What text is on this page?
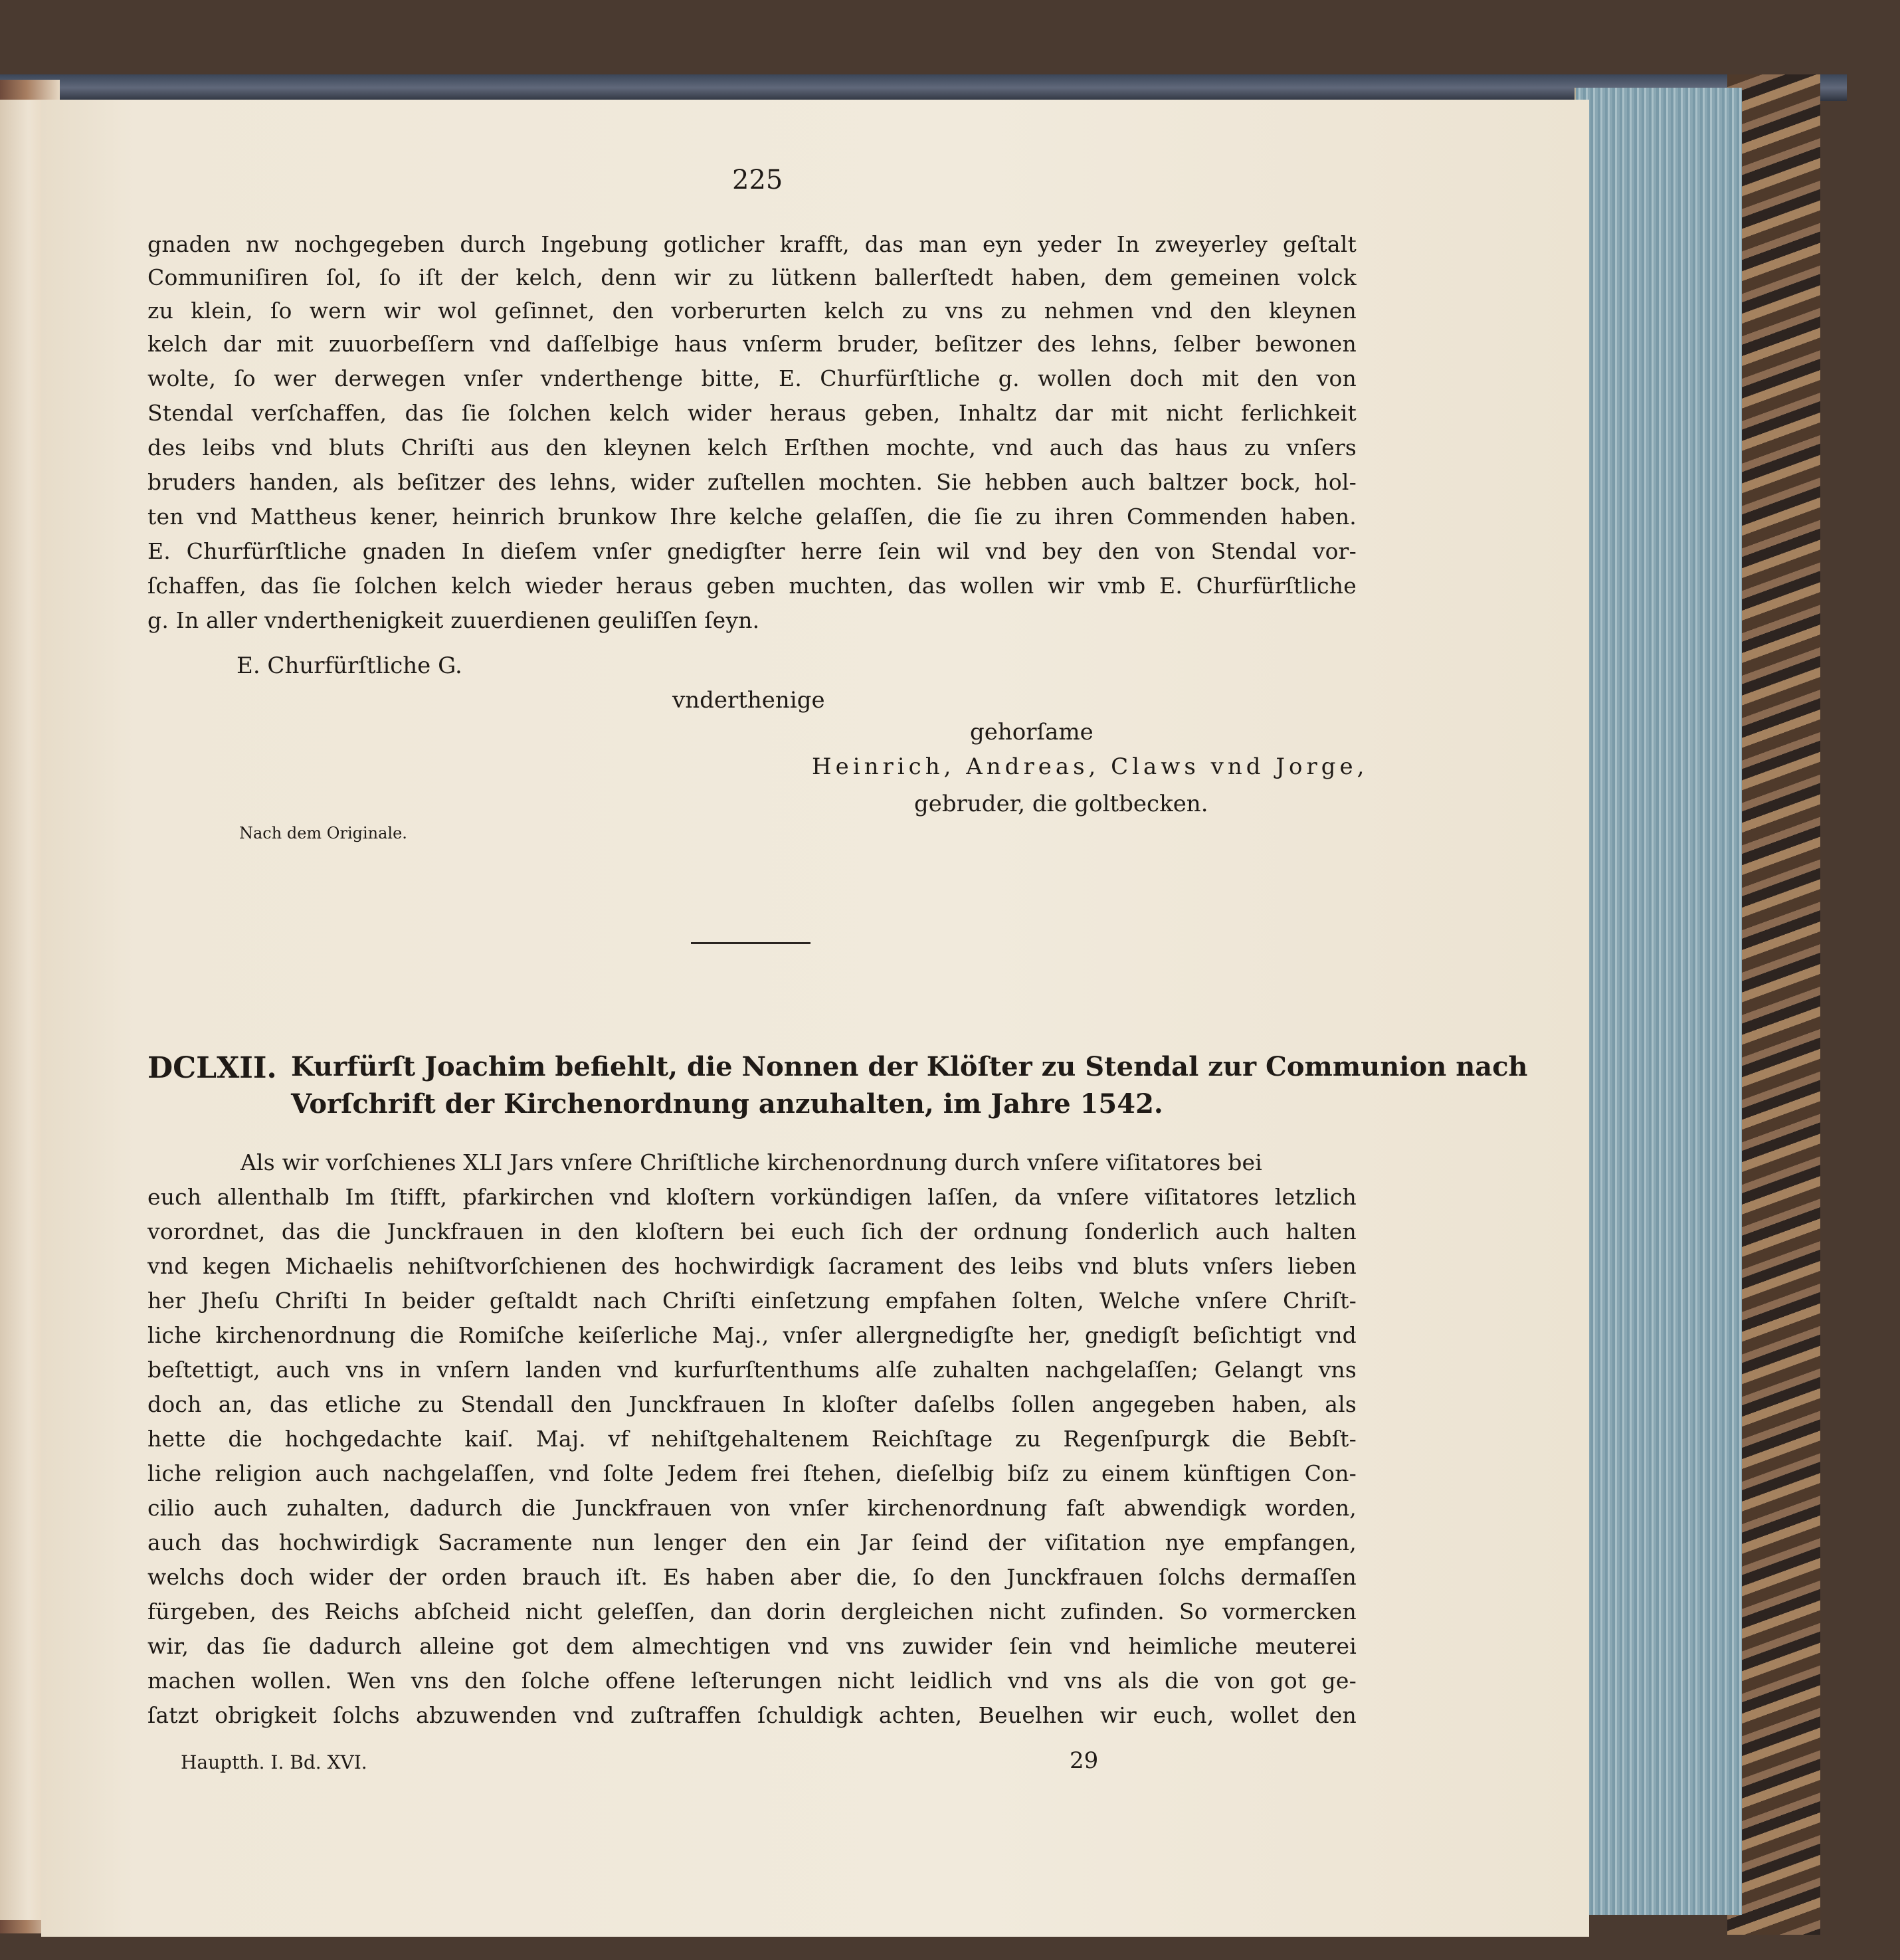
225
gnaden nw nochgegeben durch Ingebung gotlicher krafft, das man eyn yeder In zweyerley geſtalt
Communiſiren ſol, ſo iſt der kelch, denn wir zu lütkenn ballerſtedt haben, dem gemeinen volck
zu klein, ſo wern wir wol geſinnet, den vorberurten kelch zu vns zu nehmen vnd den kleynen
kelch dar mit zuuorbeſſern vnd daſſelbige haus vnſerm bruder, beſitzer des lehns, ſelber bewonen
wolte, ſo wer derwegen vnſer vnderthenge bitte, E. Churfürſtliche g. wollen doch mit den von
Stendal verſchaffen, das ſie ſolchen kelch wider heraus geben, Inhaltz dar mit nicht ferlichkeit
des leibs vnd bluts Chriſti aus den kleynen kelch Erſthen mochte, vnd auch das haus zu vnſers
bruders handen, als beſitzer des lehns, wider zuſtellen mochten. Sie hebben auch baltzer bock, hol-
ten vnd Mattheus kener, heinrich brunkow Ihre kelche gelaſſen, die ſie zu ihren Commenden haben.
E. Churfürſtliche gnaden In dieſem vnſer gnedigſter herre ſein wil vnd bey den von Stendal vor-
ſchaffen, das ſie ſolchen kelch wieder heraus geben muchten, das wollen wir vmb E. Churfürſtliche
g. In aller vnderthenigkeit zuuerdienen geuliſſen ſeyn.
E. Churfürſtliche G.
vnderthenige
gehorſame
Heinrich, Andreas, Claws vnd Jorge,
gebruder, die goltbecken.
Nach dem Originale.
DCLXII. Kurfürſt Joachim befiehlt, die Nonnen der Klöſter zu Stendal zur Communion nach
Vorſchrift der Kirchenordnung anzuhalten, im Jahre 1542.
Als wir vorſchienes XLI Jars vnſere Chriſtliche kirchenordnung durch vnſere viſitatores bei
euch allenthalb Im ſtifft, pfarkirchen vnd kloſtern vorkündigen laſſen, da vnſere viſitatores letzlich
vorordnet, das die Junckfrauen in den kloſtern bei euch ſich der ordnung ſonderlich auch halten
vnd kegen Michaelis nehiſtvorſchienen des hochwirdigk ſacrament des leibs vnd bluts vnſers lieben
her Jheſu Chriſti In beider geſtaldt nach Chriſti einſetzung empfahen ſolten, Welche vnſere Chriſt-
liche kirchenordnung die Romiſche keiſerliche Maj., vnſer allergnedigſte her, gnedigſt beſichtigt vnd
beſtettigt, auch vns in vnſern landen vnd kurfurſtenthums alſe zuhalten nachgelaſſen; Gelangt vns
doch an, das etliche zu Stendall den Junckfrauen In kloſter daſelbs ſollen angegeben haben, als
hette die hochgedachte kaiſ. Maj. vf nehiſtgehaltenem Reichſtage zu Regenſpurgk die Bebſt-
liche religion auch nachgelaſſen, vnd ſolte Jedem frei ſtehen, dieſelbig biſz zu einem künftigen Con-
cilio auch zuhalten, dadurch die Junckfrauen von vnſer kirchenordnung faſt abwendigk worden,
auch das hochwirdigk Sacramente nun lenger den ein Jar ſeind der viſitation nye empfangen,
welchs doch wider der orden brauch iſt. Es haben aber die, ſo den Junckfrauen ſolchs dermaſſen
fürgeben, des Reichs abſcheid nicht geleſſen, dan dorin dergleichen nicht zufinden. So vormercken
wir, das ſie dadurch alleine got dem almechtigen vnd vns zuwider ſein vnd heimliche meuterei
machen wollen. Wen vns den ſolche offene leſterungen nicht leidlich vnd vns als die von got ge-
ſatzt obrigkeit ſolchs abzuwenden vnd zuſtraffen ſchuldigk achten, Beuelhen wir euch, wollet den
Hauptth. I. Bd. XVI.	29
